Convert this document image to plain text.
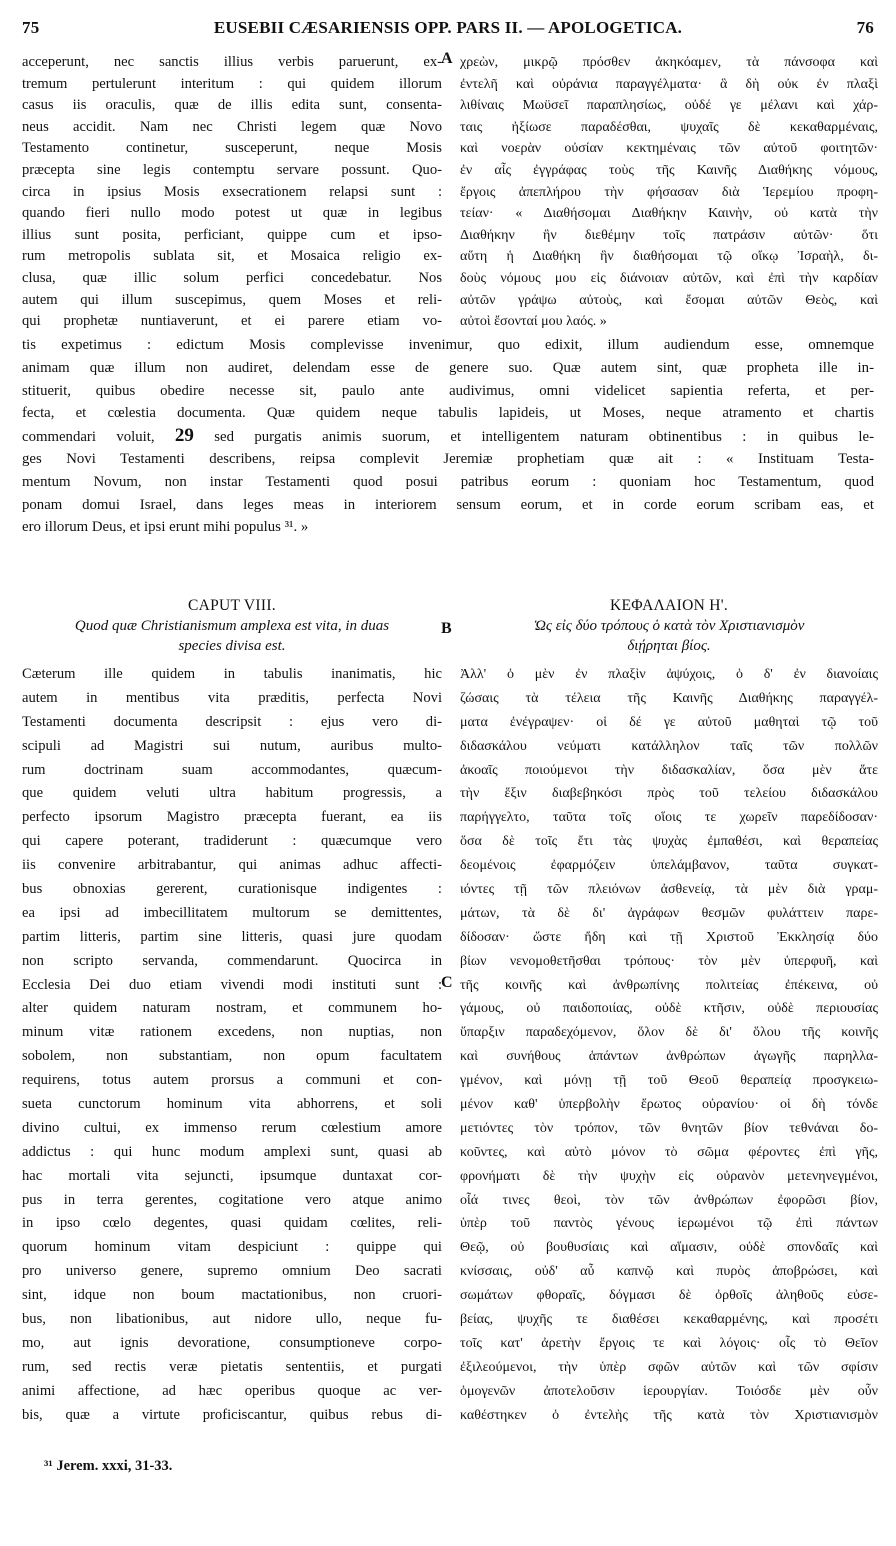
75	EUSEBII CÆSARIENSIS OPP. PARS II. — APOLOGETICA.	76
A
B
C
acceperunt, nec sanctis illius verbis paruerunt, ex-
tremum pertulerunt interitum : qui quidem illorum
casus iis oraculis, quæ de illis edita sunt, consenta-
neus accidit. Nam nec Christi legem quæ Novo
Testamento continetur, susceperunt, neque Mosis
præcepta sine legis contemptu servare possunt. Quo-
circa in ipsius Mosis exsecrationem relapsi sunt :
quando fieri nullo modo potest ut quæ in legibus
illius sunt posita, perficiant, quippe cum et ipso-
rum metropolis sublata sit, et Mosaica religio ex-
clusa, quæ illic solum perfici concedebatur. Nos
autem qui illum suscepimus, quem Moses et reli-
qui prophetæ nuntiaverunt, et ei parere etiam vo-
χρεὼν, μικρῷ πρόσθεν ἀκηκόαμεν, τὰ πάνσοφα καὶ
ἐντελῆ καὶ οὐράνια παραγγέλματα· ἃ δὴ οὐκ ἐν πλαξὶ
λιθίναις Μωϋσεῖ παραπλησίως, οὐδέ γε μέλανι καὶ χάρ-
ταις ἠξίωσε παραδέσθαι, ψυχαῖς δὲ κεκαθαρμέναις,
καὶ νοερὰν οὐσίαν κεκτημέναις τῶν αὐτοῦ φοιτητῶν·
ἐν αἷς ἐγγράφας τοὺς τῆς Καινῆς Διαθήκης νόμους,
ἔργοις ἀπεπλήρου τὴν φήσασαν διὰ Ἱερεμίου προφη-
τείαν· « Διαθήσομαι Διαθήκην Καινὴν, οὐ κατὰ τὴν
Διαθήκην ἣν διεθέμην τοῖς πατράσιν αὐτῶν· ὅτι
αὕτη ἡ Διαθήκη ἣν διαθήσομαι τῷ οἴκῳ Ἰσραὴλ, δι-
δοὺς νόμους μου εἰς διάνοιαν αὐτῶν, καὶ ἐπὶ τὴν καρδίαν
αὐτῶν γράψω αὐτοὺς, καὶ ἔσομαι αὐτῶν Θεὸς, καὶ
αὐτοὶ ἔσονταί μου λαός. »
tis expetimus : edictum Mosis complevisse invenimur, quo edixit, illum audiendum esse, omnemque
animam quæ illum non audiret, delendam esse de genere suo. Quæ autem sint, quæ propheta ille in-
stituerit, quibus obedire necesse sit, paulo ante audivimus, omni videlicet sapientia referta, et per-
fecta, et cœlestia documenta. Quæ quidem neque tabulis lapideis, ut Moses, neque atramento et chartis
commendari voluit, 29 sed purgatis animis suorum, et intelligentem naturam obtinentibus : in quibus le-
ges Novi Testamenti describens, reipsa complevit Jeremiæ prophetiam quæ ait : « Instituam Testa-
mentum Novum, non instar Testamenti quod posui patribus eorum : quoniam hoc Testamentum, quod
ponam domui Israel, dans leges meas in interiorem sensum eorum, et in corde eorum scribam eas, et
ero illorum Deus, et ipsi erunt mihi populus ³¹. »
CAPUT VIII.
Quod quæ Christianismum amplexa est vita, in duas
species divisa est.
ΚΕΦΑΛΑΙΟΝ Η'.
Ὡς εἰς δύο τρόπους ὁ κατὰ τὸν Χριστιανισμὸν
διῄρηται βίος.
Cæterum ille quidem in tabulis inanimatis, hic
autem in mentibus vita præditis, perfecta Novi
Testamenti documenta descripsit : ejus vero di-
scipuli ad Magistri sui nutum, auribus multo-
rum doctrinam suam accommodantes, quæcum-
que quidem veluti ultra habitum progressis, a
perfecto ipsorum Magistro præcepta fuerant, ea iis
qui capere poterant, tradiderunt : quæcumque vero
iis convenire arbitrabantur, qui animas adhuc affecti-
bus obnoxias gererent, curationisque indigentes :
ea ipsi ad imbecillitatem multorum se demittentes,
partim litteris, partim sine litteris, quasi jure quodam
non scripto servanda, commendarunt. Quocirca in
Ecclesia Dei duo etiam vivendi modi instituti sunt :
alter quidem naturam nostram, et communem ho-
minum vitæ rationem excedens, non nuptias, non
sobolem, non substantiam, non opum facultatem
requirens, totus autem prorsus a communi et con-
sueta cunctorum hominum vita abhorrens, et soli
divino cultui, ex immenso rerum cœlestium amore
addictus : qui hunc modum amplexi sunt, quasi ab
hac mortali vita sejuncti, ipsumque duntaxat cor-
pus in terra gerentes, cogitatione vero atque animo
in ipso cœlo degentes, quasi quidam cœlites, reli-
quorum hominum vitam despiciunt : quippe qui
pro universo genere, supremo omnium Deo sacrati
sint, idque non boum mactationibus, non cruori-
bus, non libationibus, aut nidore ullo, neque fu-
mo, aut ignis devoratione, consumptioneve corpo-
rum, sed rectis veræ pietatis sententiis, et purgati
animi affectione, ad hæc operibus quoque ac ver-
bis, quæ a virtute proficiscantur, quibus rebus di-
Ἀλλ' ὁ μὲν ἐν πλαξὶν ἀψύχοις, ὁ δ' ἐν διανοίαις
ζώσαις τὰ τέλεια τῆς Καινῆς Διαθήκης παραγγέλ-
ματα ἐνέγραψεν· οἱ δέ γε αὐτοῦ μαθηταὶ τῷ τοῦ
διδασκάλου νεύματι κατάλληλον ταῖς τῶν πολλῶν
ἀκοαῖς ποιούμενοι τὴν διδασκαλίαν, ὅσα μὲν ἅτε
τὴν ἕξιν διαβεβηκόσι πρὸς τοῦ τελείου διδασκάλου
παρήγγελτο, ταῦτα τοῖς οἵοις τε χωρεῖν παρεδίδοσαν·
ὅσα δὲ τοῖς ἔτι τὰς ψυχὰς ἐμπαθέσι, καὶ θεραπείας
δεομένοις ἐφαρμόζειν ὑπελάμβανον, ταῦτα συγκατ-
ιόντες τῇ τῶν πλειόνων ἀσθενείᾳ, τὰ μὲν διὰ γραμ-
μάτων, τὰ δὲ δι' ἀγράφων θεσμῶν φυλάττειν παρε-
δίδοσαν· ὥστε ἤδη καὶ τῇ Χριστοῦ Ἐκκλησίᾳ δύο
βίων νενομοθετῆσθαι τρόπους· τὸν μὲν ὑπερφυῆ, καὶ
τῆς κοινῆς καὶ ἀνθρωπίνης πολιτείας ἐπέκεινα, οὐ
γάμους, οὐ παιδοποιίας, οὐδὲ κτῆσιν, οὐδὲ περιουσίας
ὕπαρξιν παραδεχόμενον, ὅλον δὲ δι' ὅλου τῆς κοινῆς
καὶ συνήθους ἁπάντων ἀνθρώπων ἀγωγῆς παρηλλα-
γμένον, καὶ μόνῃ τῇ τοῦ Θεοῦ θεραπείᾳ προσγκειω-
μένον καθ' ὑπερβολὴν ἔρωτος οὐρανίου· οἱ δὴ τόνδε
μετιόντες τὸν τρόπον, τῶν θνητῶν βίον τεθνάναι δο-
κοῦντες, καὶ αὐτὸ μόνον τὸ σῶμα φέροντες ἐπὶ γῆς,
φρονήματι δὲ τὴν ψυχὴν εἰς οὐρανὸν μετενηνεγμένοι,
οἷά τινες θεοὶ, τὸν τῶν ἀνθρώπων ἐφορῶσι βίον,
ὑπὲρ τοῦ παντὸς γένους ἱερωμένοι τῷ ἐπὶ πάντων
Θεῷ, οὐ βουθυσίαις καὶ αἵμασιν, οὐδὲ σπονδαῖς καὶ
κνίσσαις, οὐδ' αὖ καπνῷ καὶ πυρὸς ἀποβρώσει, καὶ
σωμάτων φθοραῖς, δόγμασι δὲ ὀρθοῖς ἀληθοῦς εὐσε-
βείας, ψυχῆς τε διαθέσει κεκαθαρμένης, καὶ προσέτι
τοῖς κατ' ἀρετὴν ἔργοις τε καὶ λόγοις· οἷς τὸ Θεῖον
ἐξιλεούμενοι, τὴν ὑπὲρ σφῶν αὐτῶν καὶ τῶν σφίσιν
ὁμογενῶν ἀποτελοῦσιν ἱερουργίαν. Τοιόσδε μὲν οὖν
καθέστηκεν ὁ ἐντελὴς τῆς κατὰ τὸν Χριστιανισμὸν
³¹ Jerem. xxxi, 31-33.
